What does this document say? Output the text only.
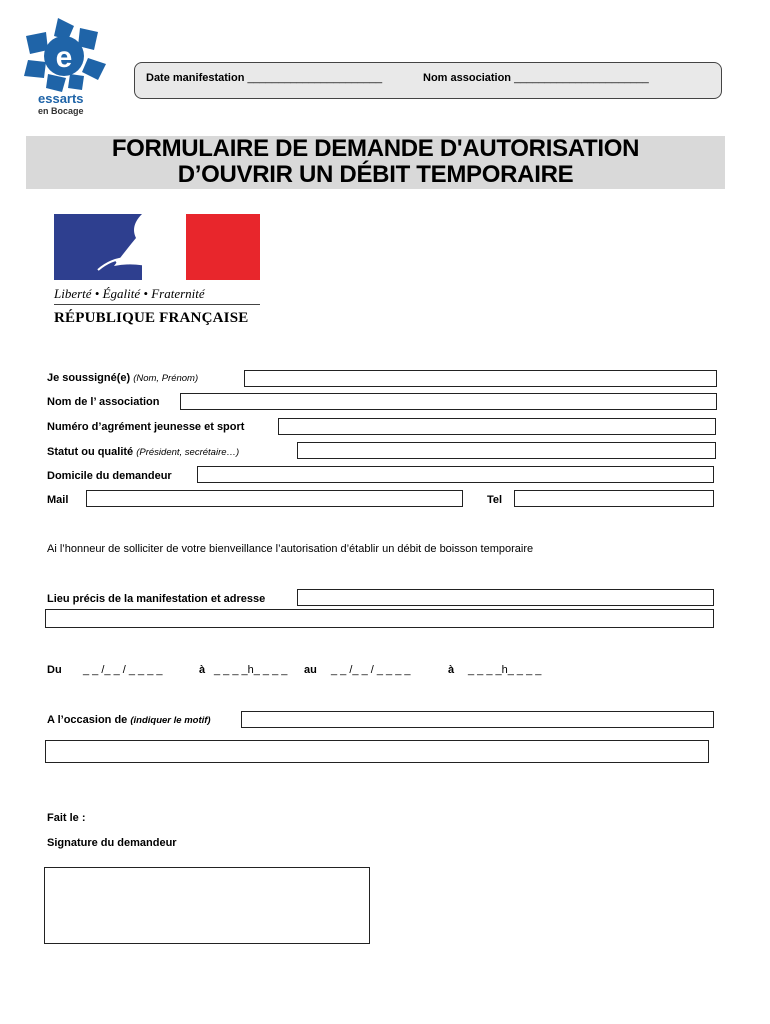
e
essarts
en Bocage
Date manifestation ______________________	Nom association ______________________
FORMULAIRE DE DEMANDE D'AUTORISATION
D’OUVRIR UN DÉBIT TEMPORAIRE
Liberté • Égalité • Fraternité
RÉPUBLIQUE FRANÇAISE
Je soussigné(e) (Nom, Prénom)
Nom de l’ association
Numéro d’agrément jeunesse et sport
Statut ou qualité (Président, secrétaire…)
Domicile du demandeur
Mail	Tel
Ai l’honneur de solliciter de votre bienveillance l’autorisation d’établir un débit de boisson temporaire
Lieu précis de la manifestation et adresse
Du _ _ /_ _ / _ _ _ _	à _ _ _ _h_ _ _ _ au _ _ /_ _ / _ _ _ _	à _ _ _ _h_ _ _ _
A l’occasion de (indiquer le motif)
Fait le :
Signature du demandeur
